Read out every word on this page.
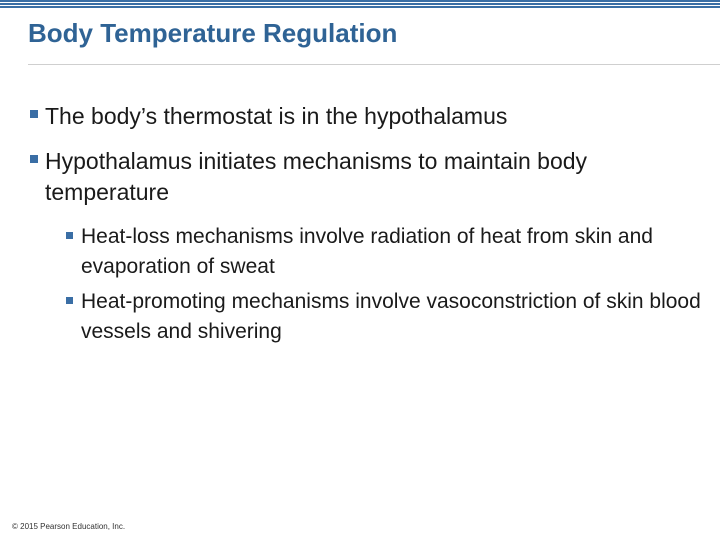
Body Temperature Regulation
The body’s thermostat is in the hypothalamus
Hypothalamus initiates mechanisms to maintain body temperature
Heat-loss mechanisms involve radiation of heat from skin and evaporation of sweat
Heat-promoting mechanisms involve vasoconstriction of skin blood vessels and shivering
© 2015 Pearson Education, Inc.
